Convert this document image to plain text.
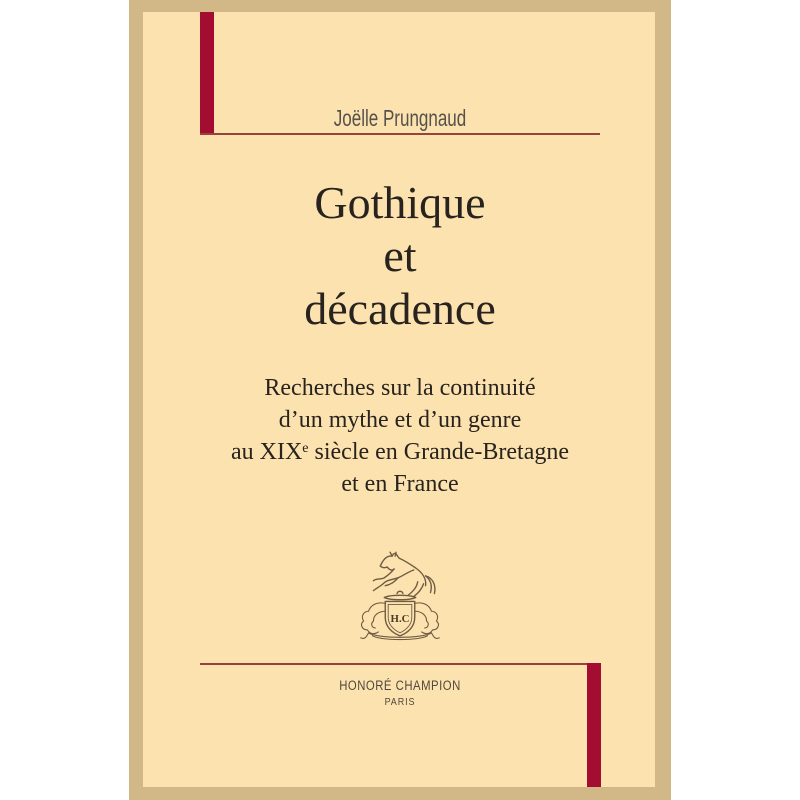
Joëlle Prungnaud
Gothique
et
décadence
Recherches sur la continuité
d’un mythe et d’un genre
au XIXe siècle en Grande-Bretagne
et en France
H.C
HONORÉ CHAMPION
PARIS
